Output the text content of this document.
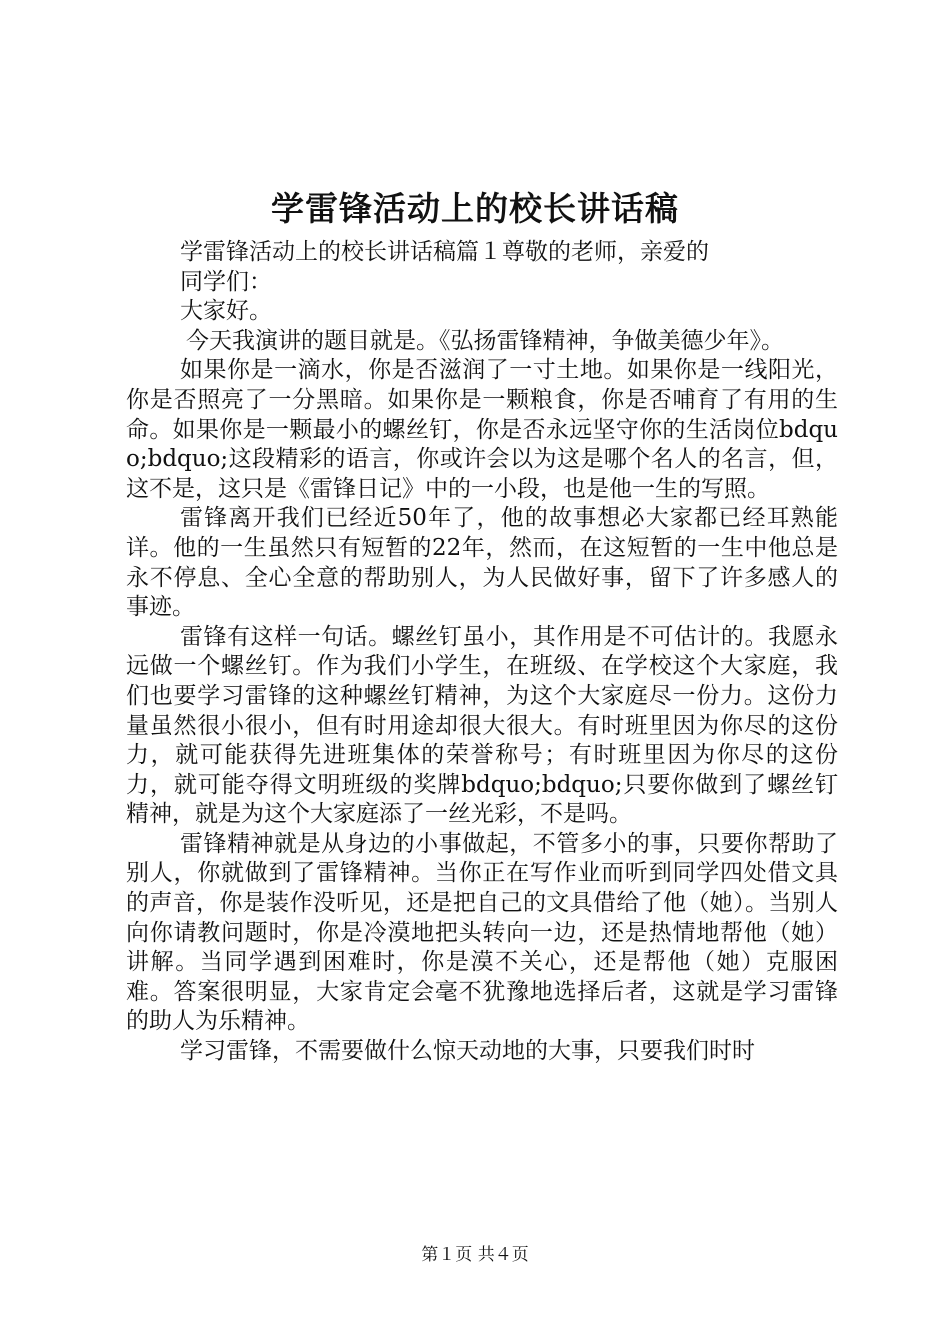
学雷锋活动上的校长讲话稿

学雷锋活动上的校长讲话稿篇１尊敬的老师，亲爱的

同学们：

大家好。

今天我演讲的题目就是。《弘扬雷锋精神，争做美德少年》。

如果你是一滴水，你是否滋润了一寸土地。如果你是一线阳光，你是否照亮了一分黑暗。如果你是一颗粮食，你是否哺育了有用的生命。如果你是一颗最小的螺丝钉，你是否永远坚守你的生活岗位bdquo;bdquo;这段精彩的语言，你或许会以为这是哪个名人的名言，但，这不是，这只是《雷锋日记》中的一小段，也是他一生的写照。

雷锋离开我们已经近50年了，他的故事想必大家都已经耳熟能详。他的一生虽然只有短暂的22年，然而，在这短暂的一生中他总是永不停息、全心全意的帮助别人，为人民做好事，留下了许多感人的事迹。

雷锋有这样一句话。螺丝钉虽小，其作用是不可估计的。我愿永远做一个螺丝钉。作为我们小学生，在班级、在学校这个大家庭，我们也要学习雷锋的这种螺丝钉精神，为这个大家庭尽一份力。这份力量虽然很小很小，但有时用途却很大很大。有时班里因为你尽的这份力，就可能获得先进班集体的荣誉称号；有时班里因为你尽的这份力，就可能夺得文明班级的奖牌bdquo;bdquo;只要你做到了螺丝钉精神，就是为这个大家庭添了一丝光彩，不是吗。

雷锋精神就是从身边的小事做起，不管多小的事，只要你帮助了别人，你就做到了雷锋精神。当你正在写作业而听到同学四处借文具的声音，你是装作没听见，还是把自己的文具借给了他（她）。当别人向你请教问题时，你是冷漠地把头转向一边，还是热情地帮他（她）讲解。当同学遇到困难时，你是漠不关心，还是帮他（她）克服困难。答案很明显，大家肯定会毫不犹豫地选择后者，这就是学习雷锋的助人为乐精神。

学习雷锋，不需要做什么惊天动地的大事，只要我们时时

第１页 共４页
